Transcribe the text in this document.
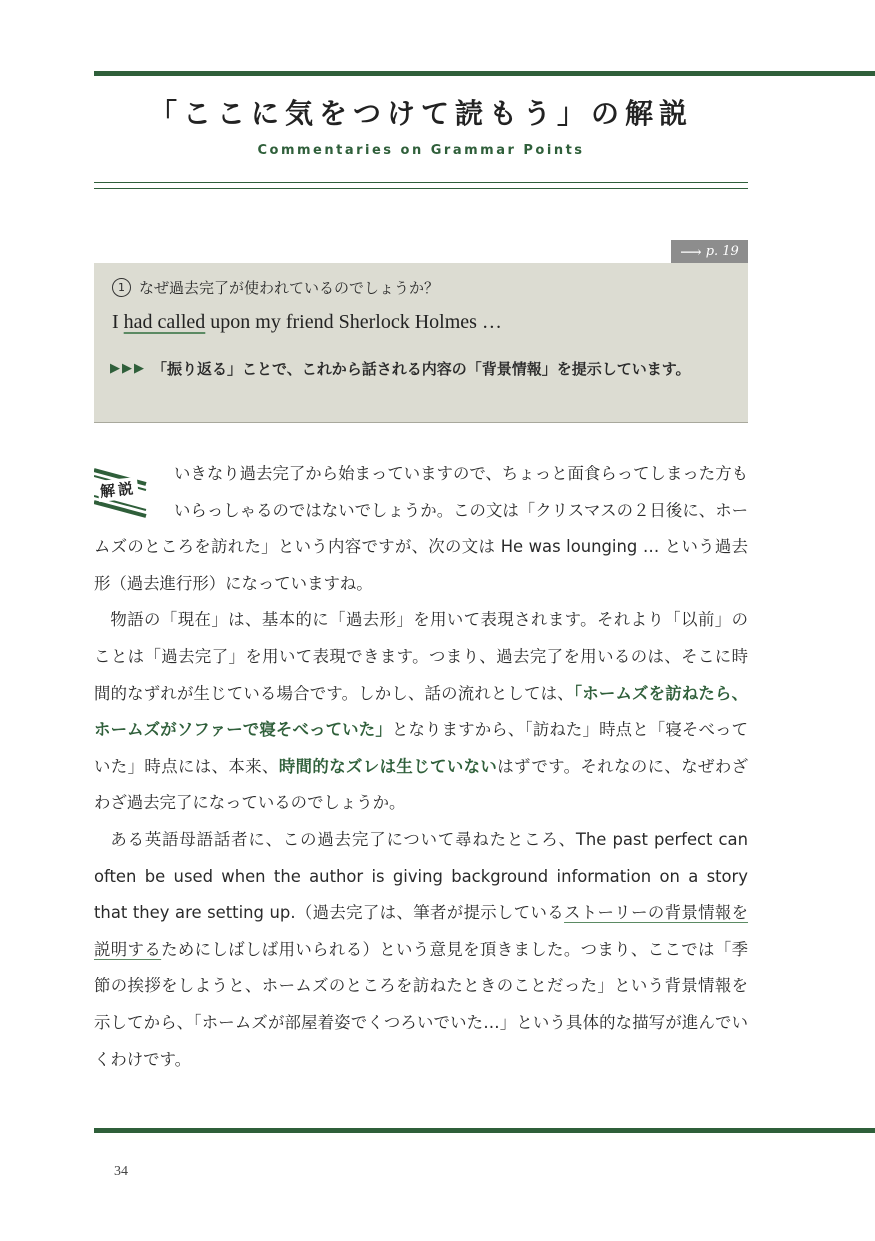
「ここに気をつけて読もう」の解説
Commentaries on Grammar Points
⟶ p. 19
1 なぜ過去完了が使われているのでしょうか？
I had called upon my friend Sherlock Holmes …
▶▶▶ 「振り返る」ことで、これから話される内容の「背景情報」を提示しています。
解説

いきなり過去完了から始まっていますので、ちょっと面食らってしまった方もいらっしゃるのではないでしょうか。この文は「クリスマスの２日後に、ホームズのところを訪れた」という内容ですが、次の文は He was lounging … という過去形（過去進行形）になっていますね。

物語の「現在」は、基本的に「過去形」を用いて表現されます。それより「以前」のことは「過去完了」を用いて表現できます。つまり、過去完了を用いるのは、そこに時間的なずれが生じている場合です。しかし、話の流れとしては、「ホームズを訪ねたら、ホームズがソファーで寝そべっていた」となりますから、「訪ねた」時点と「寝そべっていた」時点には、本来、時間的なズレは生じていないはずです。それなのに、なぜわざわざ過去完了になっているのでしょうか。

ある英語母語話者に、この過去完了について尋ねたところ、The past perfect can often be used when the author is giving background information on a story that they are setting up.（過去完了は、筆者が提示しているストーリーの背景情報を説明するためにしばしば用いられる）という意見を頂きました。つまり、ここでは「季節の挨拶をしようと、ホームズのところを訪ねたときのことだった」という背景情報を示してから、「ホームズが部屋着姿でくつろいでいた…」という具体的な描写が進んでいくわけです。

34
